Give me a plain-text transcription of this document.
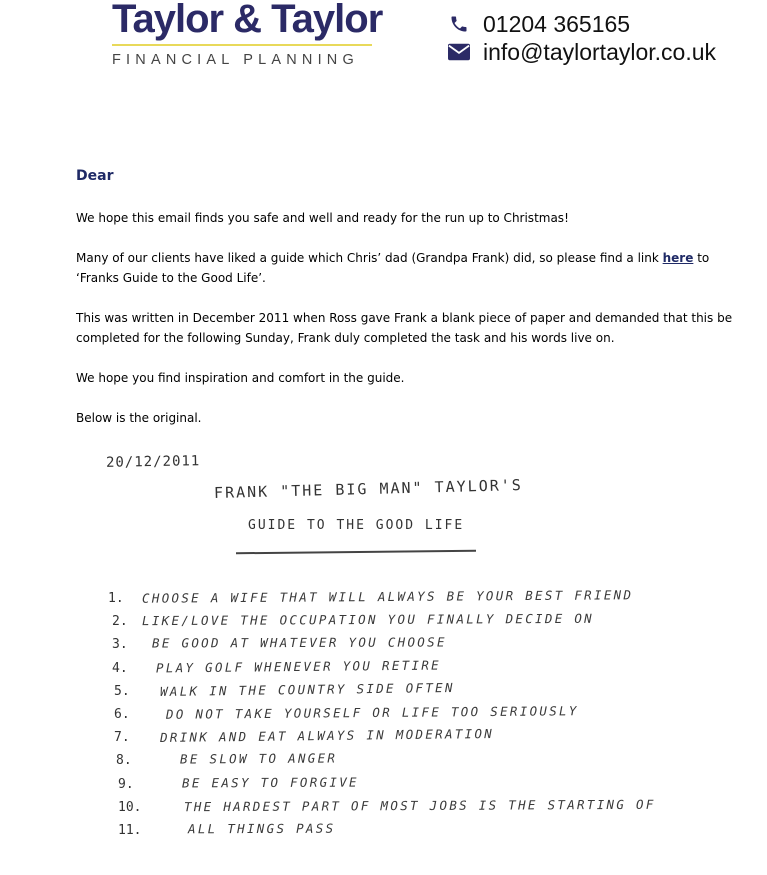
Taylor & Taylor
FINANCIAL PLANNING
01204 365165
info@taylortaylor.co.uk

Dear

We hope this email finds you safe and well and ready for the run up to Christmas!

Many of our clients have liked a guide which Chris’ dad (Grandpa Frank) did, so please find a link here to ‘Franks Guide to the Good Life’.

This was written in December 2011 when Ross gave Frank a blank piece of paper and demanded that this be completed for the following Sunday, Frank duly completed the task and his words live on.

We hope you find inspiration and comfort in the guide.

Below is the original.

20/12/2011
FRANK "THE BIG MAN" TAYLOR'S
GUIDE TO THE GOOD LIFE
1. CHOOSE A WIFE THAT WILL ALWAYS BE YOUR BEST FRIEND
2. LIKE/LOVE THE OCCUPATION YOU FINALLY DECIDE ON
3. BE GOOD AT WHATEVER YOU CHOOSE
4. PLAY GOLF WHENEVER YOU RETIRE
5. WALK IN THE COUNTRY SIDE OFTEN
6.	DO NOT TAKE YOURSELF OR LIFE TOO SERIOUSLY
7. DRINK AND EAT ALWAYS IN MODERATION
8.	BE SLOW TO ANGER
9.	BE EASY TO FORGIVE
10.	THE HARDEST PART OF MOST JOBS IS THE STARTING OF
11.	ALL THINGS PASS
